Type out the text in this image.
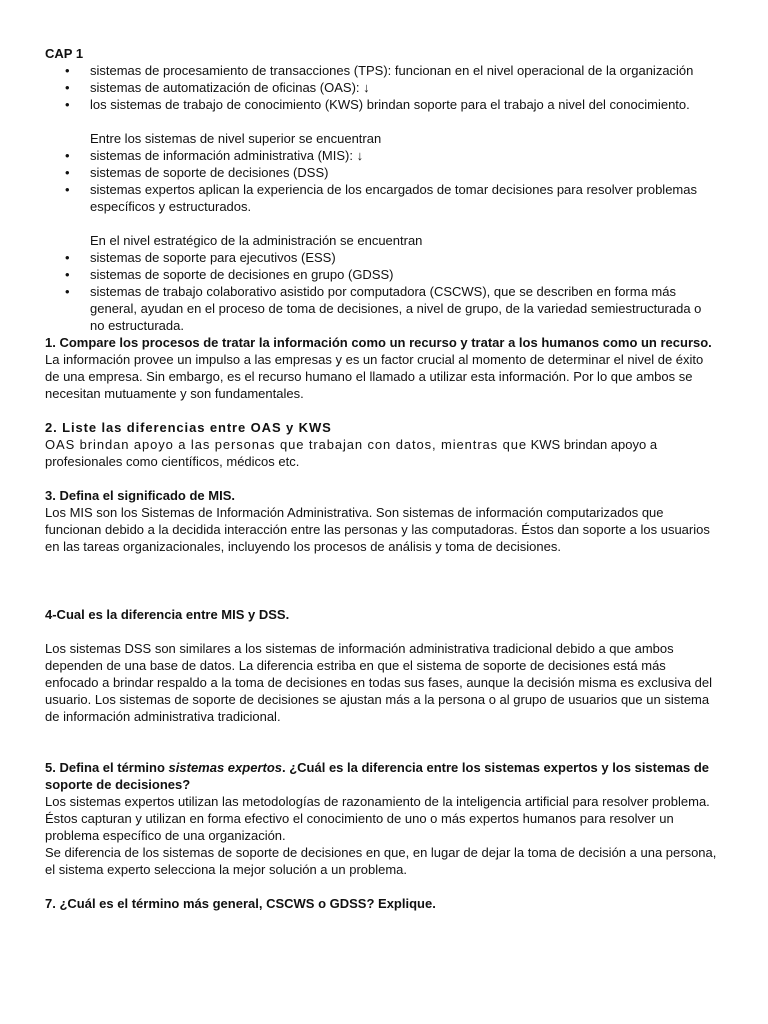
CAP 1

• sistemas de procesamiento de transacciones (TPS): funcionan en el nivel operacional de la organización
• sistemas de automatización de oficinas (OAS): ↓
• los sistemas de trabajo de conocimiento (KWS) brindan soporte para el trabajo a nivel del conocimiento.

Entre los sistemas de nivel superior se encuentran

• sistemas de información administrativa (MIS): ↓
• sistemas de soporte de decisiones (DSS)
• sistemas expertos aplican la experiencia de los encargados de tomar decisiones para resolver problemas específicos y estructurados.

En el nivel estratégico de la administración se encuentran

• sistemas de soporte para ejecutivos (ESS)
• sistemas de soporte de decisiones en grupo (GDSS)
• sistemas de trabajo colaborativo asistido por computadora (CSCWS), que se describen en forma más general, ayudan en el proceso de toma de decisiones, a nivel de grupo, de la variedad semiestructurada o no estructurada.

1. Compare los procesos de tratar la información como un recurso y tratar a los humanos como un recurso.

La información provee un impulso a las empresas y es un factor crucial al momento de determinar el nivel de éxito de una empresa. Sin embargo, es el recurso humano el llamado a utilizar esta información. Por lo que ambos se necesitan mutuamente y son fundamentales.

2. Liste las diferencias entre OAS y KWS

OAS brindan apoyo a las personas que trabajan con datos, mientras que KWS brindan apoyo a profesionales como científicos, médicos etc.

3. Defina el significado de MIS.

Los MIS son los Sistemas de Información Administrativa. Son sistemas de información computarizados que funcionan debido a la decidida interacción entre las personas y las computadoras. Éstos dan soporte a los usuarios en las tareas organizacionales, incluyendo los procesos de análisis y toma de decisiones.

4-Cual es la diferencia entre MIS y DSS.

Los sistemas DSS son similares a los sistemas de información administrativa tradicional debido a que ambos dependen de una base de datos. La diferencia estriba en que el sistema de soporte de decisiones está más enfocado a brindar respaldo a la toma de decisiones en todas sus fases, aunque la decisión misma es exclusiva del usuario. Los sistemas de soporte de decisiones se ajustan más a la persona o al grupo de usuarios que un sistema de información administrativa tradicional.

5. Defina el término sistemas expertos. ¿Cuál es la diferencia entre los sistemas expertos y los sistemas de soporte de decisiones?

Los sistemas expertos utilizan las metodologías de razonamiento de la inteligencia artificial para resolver problema. Éstos capturan y utilizan en forma efectivo el conocimiento de uno o más expertos humanos para resolver un problema específico de una organización.

Se diferencia de los sistemas de soporte de decisiones en que, en lugar de dejar la toma de decisión a una persona, el sistema experto selecciona la mejor solución a un problema.

7. ¿Cuál es el término más general, CSCWS o GDSS? Explique.
